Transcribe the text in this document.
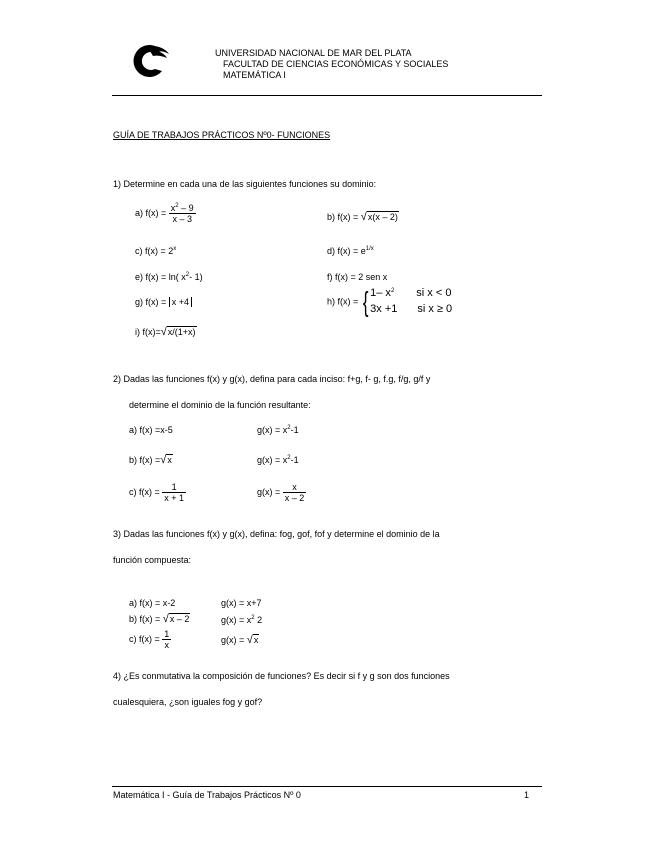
UNIVERSIDAD NACIONAL DE MAR DEL PLATA
FACULTAD DE CIENCIAS ECONÓMICAS Y SOCIALES
MATEMÁTICA I
GUÍA DE TRABAJOS PRÁCTICOS Nº0- FUNCIONES
1) Determine en cada una de las siguientes funciones su dominio:
a) $f(x) = \frac{x^2 - 9}{x - 3}$	b) f(x) = √x(x – 2)
c) $f(x) = 2^x$	d) $f(x) = e^{1/x}$
e) f(x) = ln( $x^2-$ 1)	f) f(x) = 2 sen x
g) f(x) = x +4	h) f(x) = { 1– $x^2$ si x < 0
3x +1 si x ≥ 0
i) f(x)=√x/(1+x)
2) Dadas las funciones f(x) y g(x), defina para cada inciso: f+g, f- g, f.g, f/g, g/f y
determine el dominio de la función resultante:
a) f(x) =x-5	$g(x) = x^2-1$
b) f(x) =√x	$g(x) = x^2-1$
c) $f(x) = \frac{1}{x + 1}$	$g(x) = \frac{x}{x - 2}$
3) Dadas las funciones f(x) y g(x), defina: fog, gof, fof y determine el dominio de la
función compuesta:
a) f(x) = x-2	g(x) = x+7
b) f(x) = √x – 2	$g(x) = x^2$ 2
c) $f(x) = \frac{1}{x}$	g(x) = √x
4) ¿Es conmutativa la composición de funciones? Es decir si f y g son dos funciones
cualesquiera, ¿son iguales fog y gof?
Matemática I - Guía de Trabajos Prácticos Nº 0	1
